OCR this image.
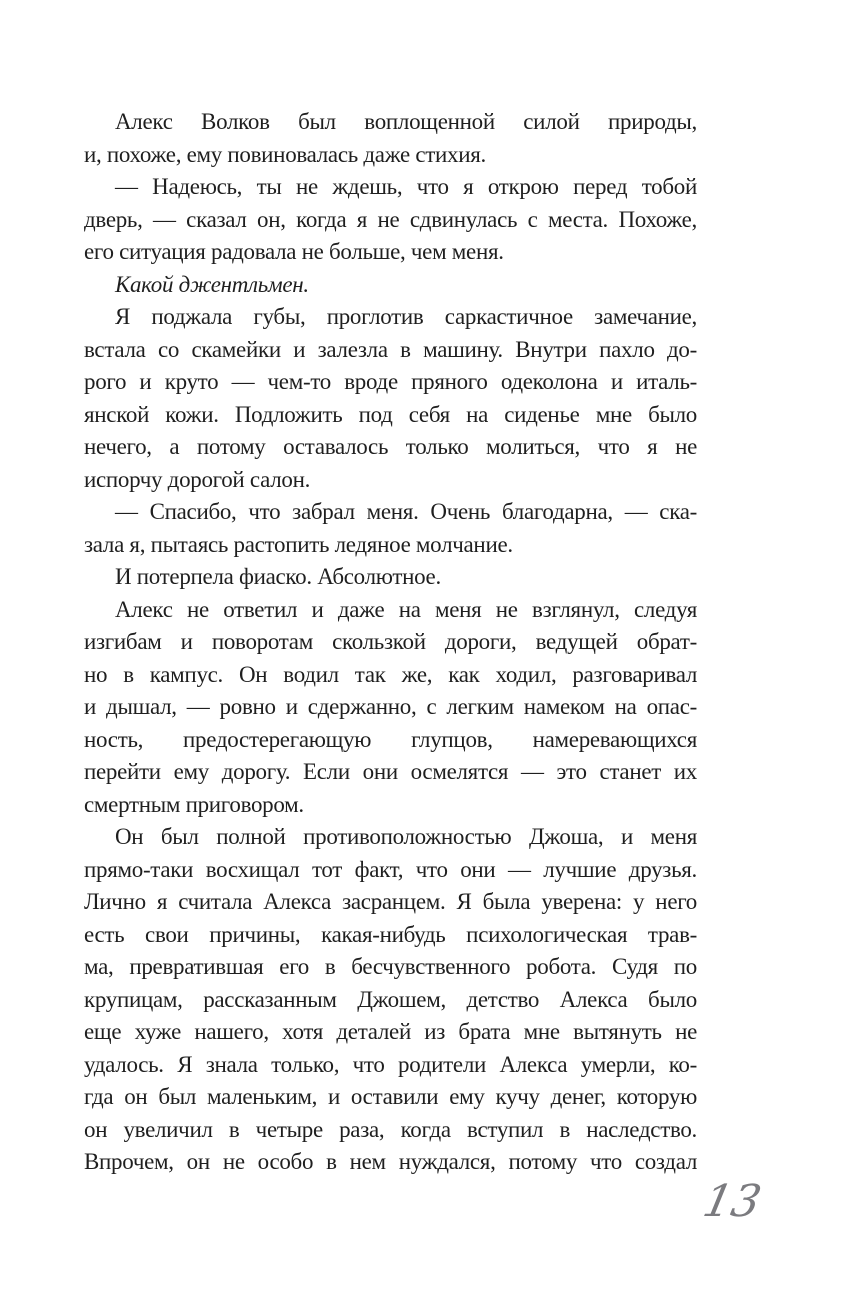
Алекс Волков был воплощенной силой природы,
и, похоже, ему повиновалась даже стихия.
— Надеюсь, ты не ждешь, что я открою перед тобой
дверь, — сказал он, когда я не сдвинулась с места. Похоже,
его ситуация радовала не больше, чем меня.
Какой джентльмен.
Я поджала губы, проглотив саркастичное замечание,
встала со скамейки и залезла в машину. Внутри пахло до-
рого и круто — чем-то вроде пряного одеколона и италь-
янской кожи. Подложить под себя на сиденье мне было
нечего, а потому оставалось только молиться, что я не
испорчу дорогой салон.
— Спасибо, что забрал меня. Очень благодарна, — ска-
зала я, пытаясь растопить ледяное молчание.
И потерпела фиаско. Абсолютное.
Алекс не ответил и даже на меня не взглянул, следуя
изгибам и поворотам скользкой дороги, ведущей обрат-
но в кампус. Он водил так же, как ходил, разговаривал
и дышал, — ровно и сдержанно, с легким намеком на опас-
ность, предостерегающую глупцов, намеревающихся
перейти ему дорогу. Если они осмелятся — это станет их
смертным приговором.
Он был полной противоположностью Джоша, и меня
прямо-таки восхищал тот факт, что они — лучшие друзья.
Лично я считала Алекса засранцем. Я была уверена: у него
есть свои причины, какая-нибудь психологическая трав-
ма, превратившая его в бесчувственного робота. Судя по
крупицам, рассказанным Джошем, детство Алекса было
еще хуже нашего, хотя деталей из брата мне вытянуть не
удалось. Я знала только, что родители Алекса умерли, ко-
гда он был маленьким, и оставили ему кучу денег, которую
он увеличил в четыре раза, когда вступил в наследство.
Впрочем, он не особо в нем нуждался, потому что создал
13
